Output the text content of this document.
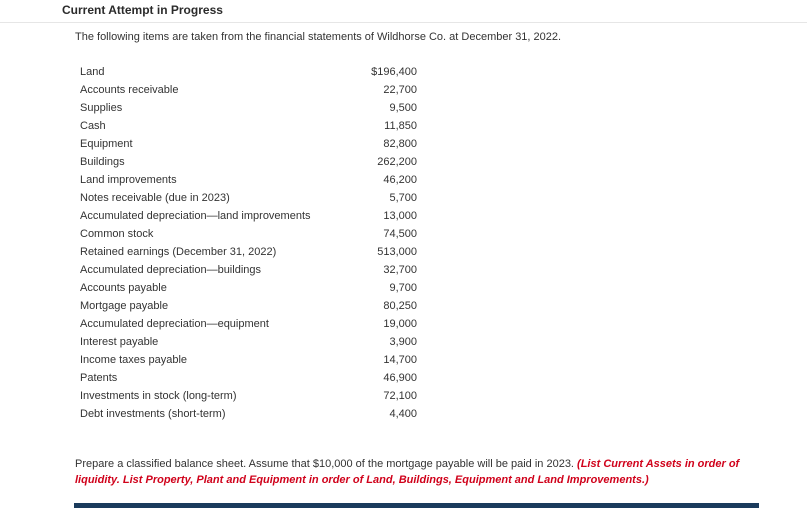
Current Attempt in Progress
The following items are taken from the financial statements of Wildhorse Co. at December 31, 2022.
Land	$196,400
Accounts receivable	22,700
Supplies	9,500
Cash	11,850
Equipment	82,800
Buildings	262,200
Land improvements	46,200
Notes receivable (due in 2023)	5,700
Accumulated depreciation—land improvements	13,000
Common stock	74,500
Retained earnings (December 31, 2022)	513,000
Accumulated depreciation—buildings	32,700
Accounts payable	9,700
Mortgage payable	80,250
Accumulated depreciation—equipment	19,000
Interest payable	3,900
Income taxes payable	14,700
Patents	46,900
Investments in stock (long-term)	72,100
Debt investments (short-term)	4,400
Prepare a classified balance sheet. Assume that $10,000 of the mortgage payable will be paid in 2023. (List Current Assets in order of liquidity. List Property, Plant and Equipment in order of Land, Buildings, Equipment and Land Improvements.)
